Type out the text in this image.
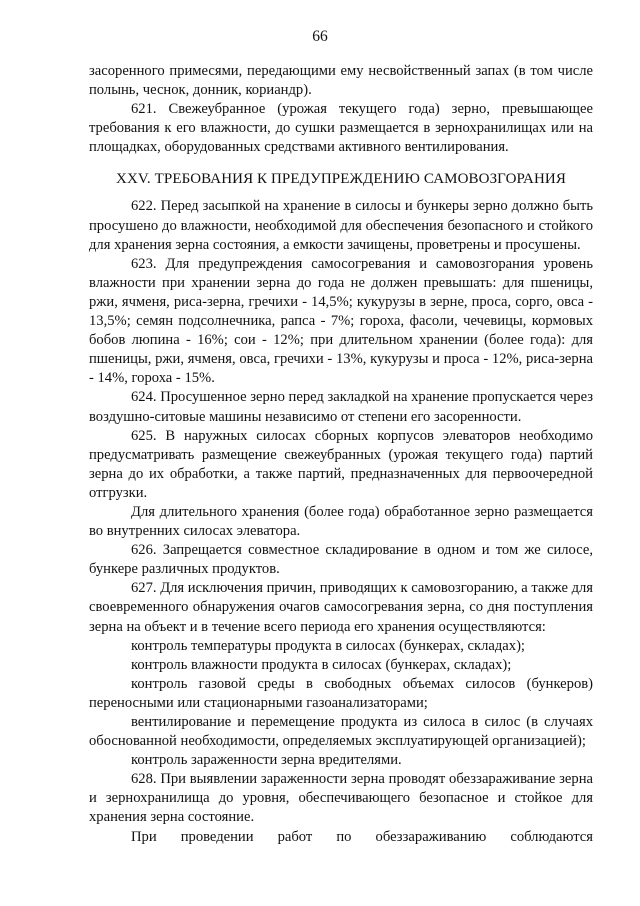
66

засоренного примесями, передающими ему несвойственный запах (в том числе полынь, чеснок, донник, кориандр).

621. Свежеубранное (урожая текущего года) зерно, превышающее требования к его влажности, до сушки размещается в зернохранилищах или на площадках, оборудованных средствами активного вентилирования.

XXV. ТРЕБОВАНИЯ К ПРЕДУПРЕЖДЕНИЮ САМОВОЗГОРАНИЯ

622. Перед засыпкой на хранение в силосы и бункеры зерно должно быть просушено до влажности, необходимой для обеспечения безопасного и стойкого для хранения зерна состояния, а емкости зачищены, проветрены и просушены.

623. Для предупреждения самосогревания и самовозгорания уровень влажности при хранении зерна до года не должен превышать: для пшеницы, ржи, ячменя, риса-зерна, гречихи - 14,5%; кукурузы в зерне, проса, сорго, овса - 13,5%; семян подсолнечника, рапса - 7%; гороха, фасоли, чечевицы, кормовых бобов люпина - 16%; сои - 12%; при длительном хранении (более года): для пшеницы, ржи, ячменя, овса, гречихи - 13%, кукурузы и проса - 12%, риса-зерна - 14%, гороха - 15%.

624. Просушенное зерно перед закладкой на хранение пропускается через воздушно-ситовые машины независимо от степени его засоренности.

625. В наружных силосах сборных корпусов элеваторов необходимо предусматривать размещение свежеубранных (урожая текущего года) партий зерна до их обработки, а также партий, предназначенных для первоочередной отгрузки.

Для длительного хранения (более года) обработанное зерно размещается во внутренних силосах элеватора.

626. Запрещается совместное складирование в одном и том же силосе, бункере различных продуктов.

627. Для исключения причин, приводящих к самовозгоранию, а также для своевременного обнаружения очагов самосогревания зерна, со дня поступления зерна на объект и в течение всего периода его хранения осуществляются:

контроль температуры продукта в силосах (бункерах, складах);

контроль влажности продукта в силосах (бункерах, складах);

контроль газовой среды в свободных объемах силосов (бункеров) переносными или стационарными газоанализаторами;

вентилирование и перемещение продукта из силоса в силос (в случаях обоснованной необходимости, определяемых эксплуатирующей организацией);

контроль зараженности зерна вредителями.

628. При выявлении зараженности зерна проводят обеззараживание зерна и зернохранилища до уровня, обеспечивающего безопасное и стойкое для хранения зерна состояние.

При проведении работ по обеззараживанию соблюдаются
